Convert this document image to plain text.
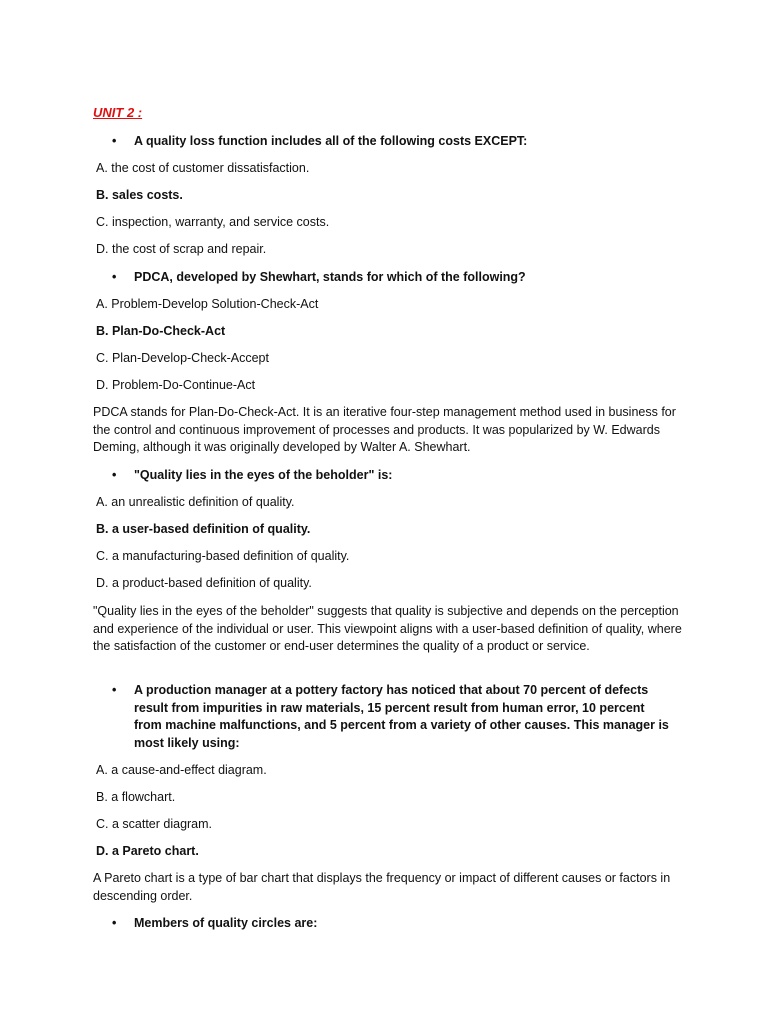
UNIT 2 :
• A quality loss function includes all of the following costs EXCEPT:
A. the cost of customer dissatisfaction.
B. sales costs.
C. inspection, warranty, and service costs.
D. the cost of scrap and repair.
• PDCA, developed by Shewhart, stands for which of the following?
A. Problem-Develop Solution-Check-Act
B. Plan-Do-Check-Act
C. Plan-Develop-Check-Accept
D. Problem-Do-Continue-Act
PDCA stands for Plan-Do-Check-Act. It is an iterative four-step management method used in business for the control and continuous improvement of processes and products. It was popularized by W. Edwards Deming, although it was originally developed by Walter A. Shewhart.
• "Quality lies in the eyes of the beholder" is:
A. an unrealistic definition of quality.
B. a user-based definition of quality.
C. a manufacturing-based definition of quality.
D. a product-based definition of quality.
"Quality lies in the eyes of the beholder" suggests that quality is subjective and depends on the perception and experience of the individual or user. This viewpoint aligns with a user-based definition of quality, where the satisfaction of the customer or end-user determines the quality of a product or service.
• A production manager at a pottery factory has noticed that about 70 percent of defects result from impurities in raw materials, 15 percent result from human error, 10 percent from machine malfunctions, and 5 percent from a variety of other causes. This manager is most likely using:
A. a cause-and-effect diagram.
B. a flowchart.
C. a scatter diagram.
D. a Pareto chart.
A Pareto chart is a type of bar chart that displays the frequency or impact of different causes or factors in descending order.
• Members of quality circles are:
